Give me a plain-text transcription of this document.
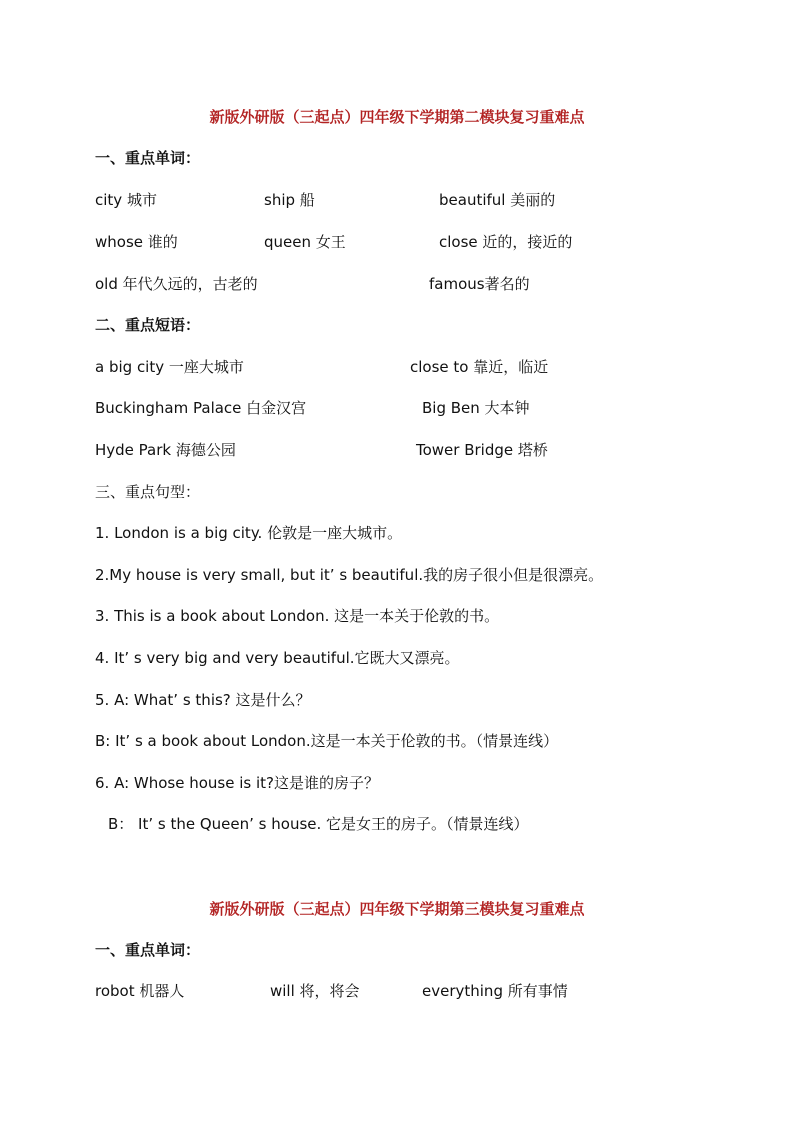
新版外研版（三起点）四年级下学期第二模块复习重难点
一、重点单词：
city 城市	ship 船	beautiful 美丽的
whose 谁的	queen 女王	close 近的，接近的
old 年代久远的，古老的	famous著名的
二、重点短语：
a big city 一座大城市	close to 靠近，临近
Buckingham Palace 白金汉宫	Big Ben 大本钟
Hyde Park 海德公园	Tower Bridge 塔桥
三、重点句型：
1. London is a big city. 伦敦是一座大城市。
2.My house is very small, but it’ s beautiful.我的房子很小但是很漂亮。
3. This is a book about London. 这是一本关于伦敦的书。
4. It’ s very big and very beautiful.它既大又漂亮。
5. A: What’ s this? 这是什么？
B: It’ s a book about London.这是一本关于伦敦的书。（情景连线）
6. A: Whose house is it?这是谁的房子？
B： It’ s the Queen’ s house. 它是女王的房子。（情景连线）
新版外研版（三起点）四年级下学期第三模块复习重难点
一、重点单词：
robot 机器人	will 将，将会	everything 所有事情
